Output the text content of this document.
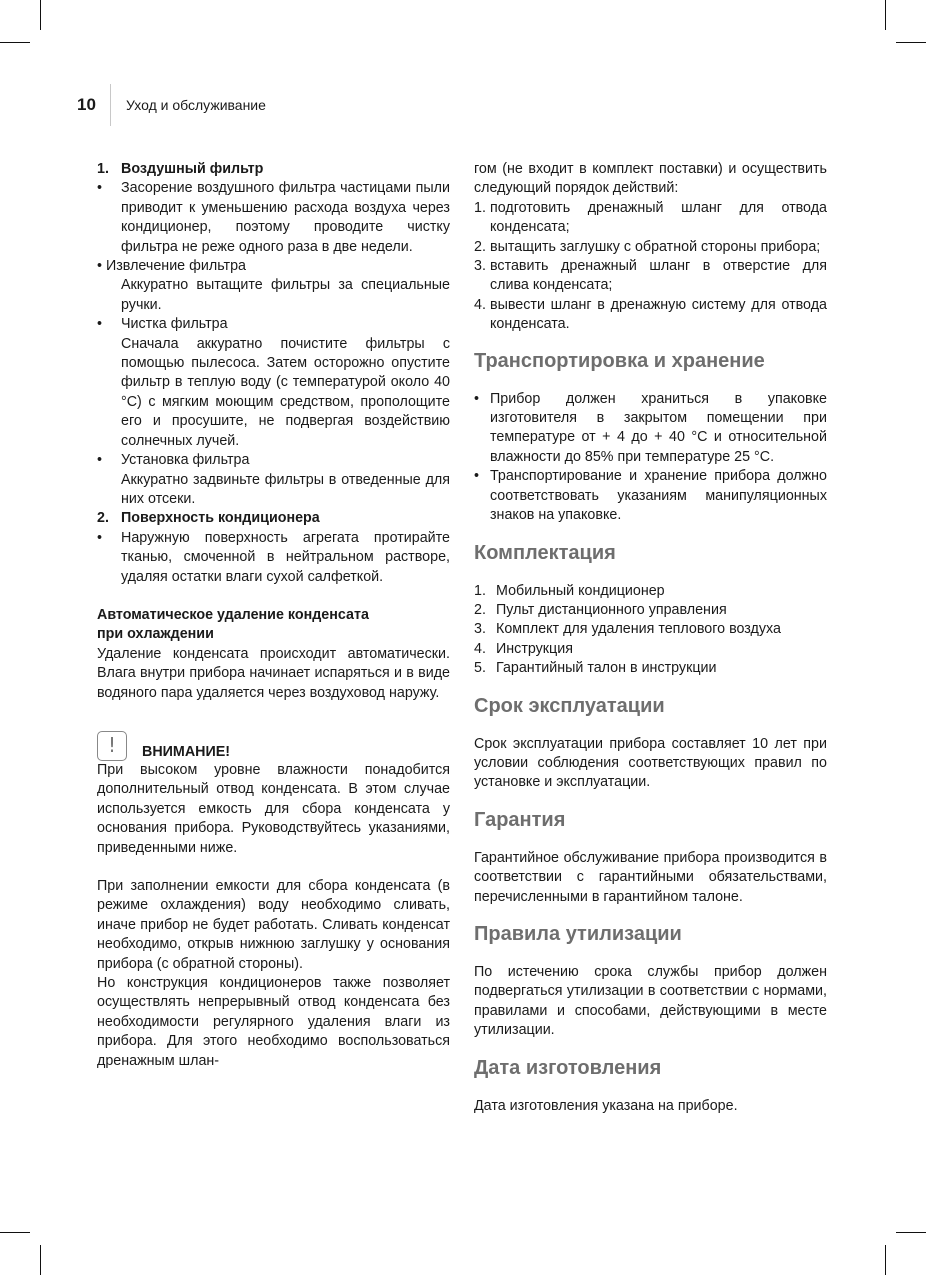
10 Уход и обслуживание
1. Воздушный фильтр
•	Засорение воздушного фильтра частицами пыли приводит к уменьшению расхода воздуха через кондиционер, поэтому проводите чистку фильтра не реже одного раза в две недели.
• Извлечение фильтра
Аккуратно вытащите фильтры за специальные ручки.
•	Чистка фильтра
Сначала аккуратно почистите фильтры с помощью пылесоса. Затем осторожно опустите фильтр в теплую воду (с температурой около 40 °С) с мягким моющим средством, прополощите его и просушите, не подвергая воздействию солнечных лучей.
•	Установка фильтра
Аккуратно задвиньте фильтры в отведенные для них отсеки.
2. Поверхность кондиционера
•	Наружную поверхность агрегата протирайте тканью, смоченной в нейтральном растворе, удаляя остатки влаги сухой салфеткой.
Автоматическое удаление конденсата
при охлаждении
Удаление конденсата происходит автоматически. Влага внутри прибора начинает испаряться и в виде водяного пара удаляется через воздуховод наружу.
!	ВНИМАНИЕ!
При высоком уровне влажности понадобится дополнительный отвод конденсата. В этом случае используется емкость для сбора конденсата у основания прибора. Руководствуйтесь указаниями, приведенными ниже.
При заполнении емкости для сбора конденсата (в режиме охлаждения) воду необходимо сливать, иначе прибор не будет работать. Сливать конденсат необходимо, открыв нижнюю заглушку у основания прибора (с обратной стороны).
Но конструкция кондиционеров также позволяет осуществлять непрерывный отвод конденсата без необходимости регулярного удаления влаги из прибора. Для этого необходимо воспользоваться дренажным шлан-
гом (не входит в комплект поставки) и осуществить следующий порядок действий:
1. подготовить дренажный шланг для отвода конденсата;
2. вытащить заглушку с обратной стороны прибора;
3. вставить дренажный шланг в отверстие для слива конденсата;
4. вывести шланг в дренажную систему для отвода конденсата.
Транспортировка и хранение
• Прибор должен храниться в упаковке изготовителя в закрытом помещении при температуре от + 4 до + 40 °С и относительной влажности до 85% при температуре 25 °С.
• Транспортирование и хранение прибора должно соответствовать указаниям манипуляционных знаков на упаковке.
Комплектация
1. Мобильный кондиционер
2. Пульт дистанционного управления
3. Комплект для удаления теплового воздуха
4. Инструкция
5. Гарантийный талон в инструкции
Срок эксплуатации
Срок эксплуатации прибора составляет 10 лет при условии соблюдения соответствующих правил по установке и эксплуатации.
Гарантия
Гарантийное обслуживание прибора производится в соответствии с гарантийными обязательствами, перечисленными в гарантийном талоне.
Правила утилизации
По истечению срока службы прибор должен подвергаться утилизации в соответствии с нормами, правилами и способами, действующими в месте утилизации.
Дата изготовления
Дата изготовления указана на приборе.
